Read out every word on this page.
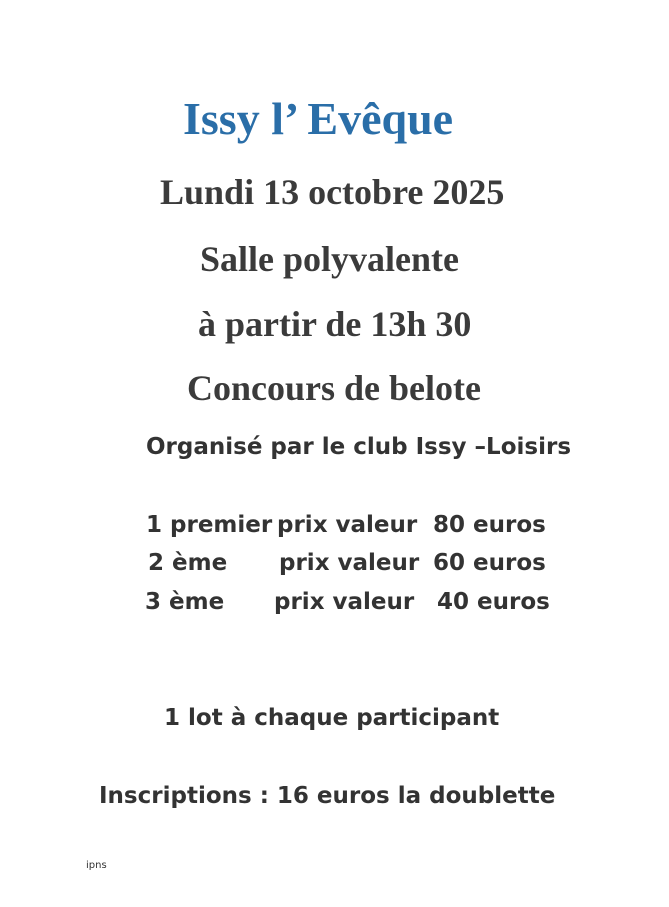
Issy l’ Evêque
Lundi 13 octobre 2025
Salle polyvalente
à partir de 13h 30
Concours de belote
Organisé par le club Issy –Loisirs
1 premier prix valeur 80 euros
2 ème prix valeur 60 euros
3 ème prix valeur 40 euros
1 lot à chaque participant
Inscriptions : 16 euros la doublette
ipns
